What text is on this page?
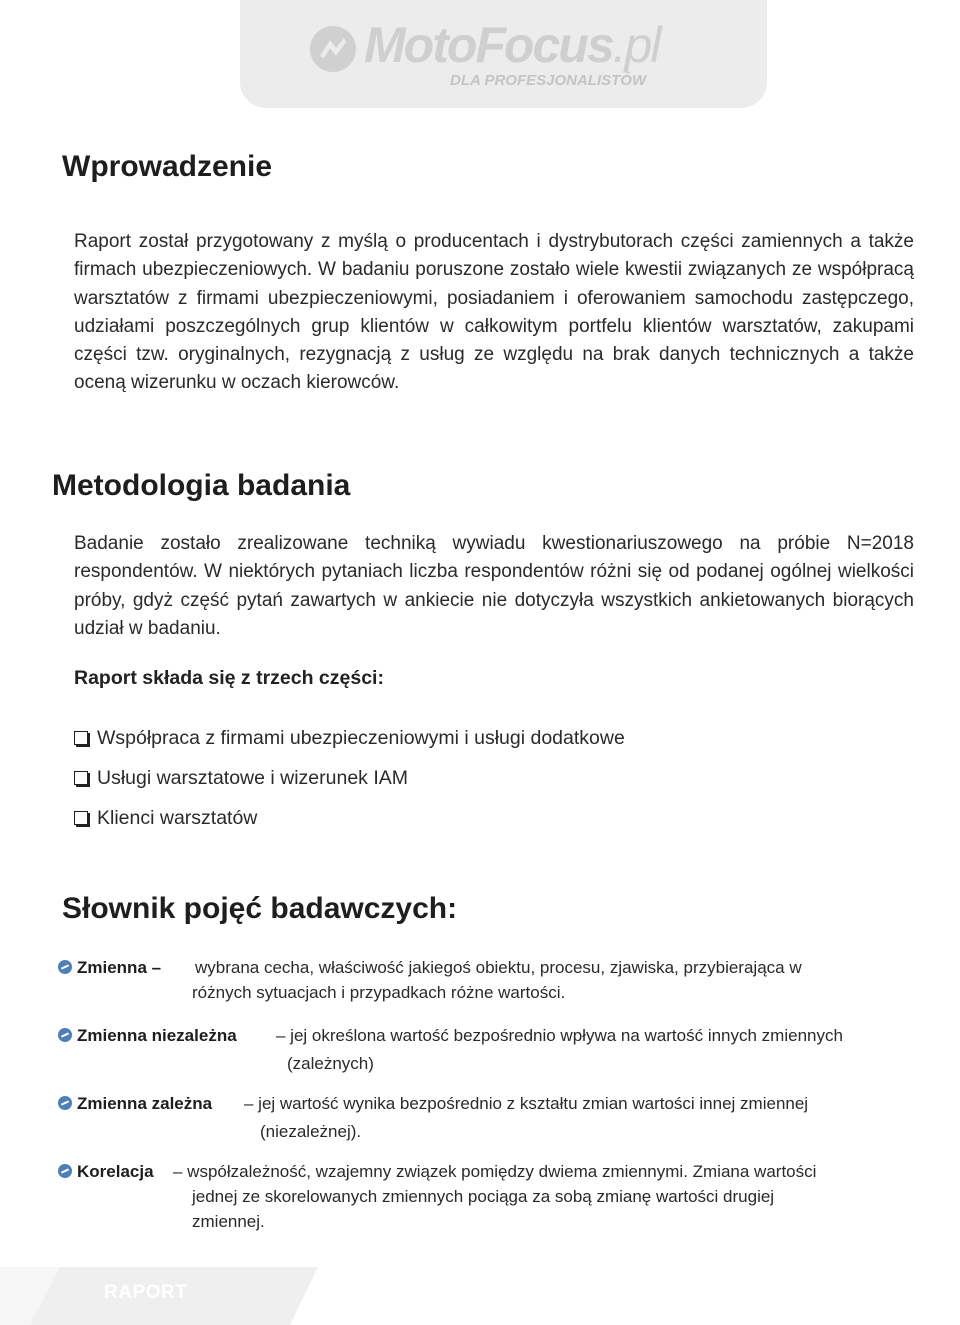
MotoFocus.pl
DLA PROFESJONALISTÓW
Wprowadzenie

Raport został przygotowany z myślą o producentach i dystrybutorach części zamiennych a także firmach ubezpieczeniowych. W badaniu poruszone zostało wiele kwestii związanych ze współpracą warsztatów z firmami ubezpieczeniowymi, posiadaniem i oferowaniem samochodu zastępczego, udziałami poszczególnych grup klientów w całkowitym portfelu klientów warsztatów, zakupami części tzw. oryginalnych, rezygnacją z usług ze względu na brak danych technicznych a także oceną wizerunku w oczach kierowców.

Metodologia badania

Badanie zostało zrealizowane techniką wywiadu kwestionariuszowego na próbie N=2018 respondentów. W niektórych pytaniach liczba respondentów różni się od podanej ogólnej wielkości próby, gdyż część pytań zawartych w ankiecie nie dotyczyła wszystkich ankietowanych biorących udział w badaniu.

Raport składa się z trzech części:

Współpraca z firmami ubezpieczeniowymi i usługi dodatkowe
Usługi warsztatowe i wizerunek IAM
Klienci warsztatów
Słownik pojęć badawczych:
Zmienna – wybrana cecha, właściwość jakiegoś obiektu, procesu, zjawiska, przybierająca w
różnych sytuacjach i przypadkach różne wartości.
Zmienna niezależna – jej określona wartość bezpośrednio wpływa na wartość innych zmiennych
(zależnych)
Zmienna zależna – jej wartość wynika bezpośrednio z kształtu zmian wartości innej zmiennej
(niezależnej).
Korelacja – współzależność, wzajemny związek pomiędzy dwiema zmiennymi. Zmiana wartości
jednej ze skorelowanych zmiennych pociąga za sobą zmianę wartości drugiej
zmiennej.
RAPORT
